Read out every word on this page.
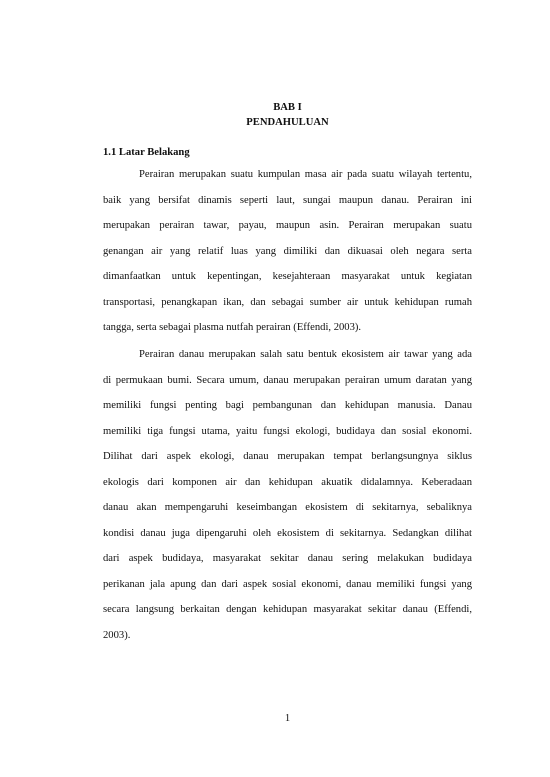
BAB I
PENDAHULUAN
1.1 Latar Belakang
Perairan merupakan suatu kumpulan masa air pada suatu wilayah tertentu,
baik yang bersifat dinamis seperti laut, sungai maupun danau. Perairan ini
merupakan perairan tawar, payau, maupun asin. Perairan merupakan suatu
genangan air yang relatif luas yang dimiliki dan dikuasai oleh negara serta
dimanfaatkan untuk kepentingan, kesejahteraan masyarakat untuk kegiatan
transportasi, penangkapan ikan, dan sebagai sumber air untuk kehidupan rumah
tangga, serta sebagai plasma nutfah perairan (Effendi, 2003).
Perairan danau merupakan salah satu bentuk ekosistem air tawar yang ada
di permukaan bumi. Secara umum, danau merupakan perairan umum daratan yang
memiliki fungsi penting bagi pembangunan dan kehidupan manusia. Danau
memiliki tiga fungsi utama, yaitu fungsi ekologi, budidaya dan sosial ekonomi.
Dilihat dari aspek ekologi, danau merupakan tempat berlangsungnya siklus
ekologis dari komponen air dan kehidupan akuatik didalamnya. Keberadaan
danau akan mempengaruhi keseimbangan ekosistem di sekitarnya, sebaliknya
kondisi danau juga dipengaruhi oleh ekosistem di sekitarnya. Sedangkan dilihat
dari aspek budidaya, masyarakat sekitar danau sering melakukan budidaya
perikanan jala apung dan dari aspek sosial ekonomi, danau memiliki fungsi yang
secara langsung berkaitan dengan kehidupan masyarakat sekitar danau (Effendi,
2003).
1
